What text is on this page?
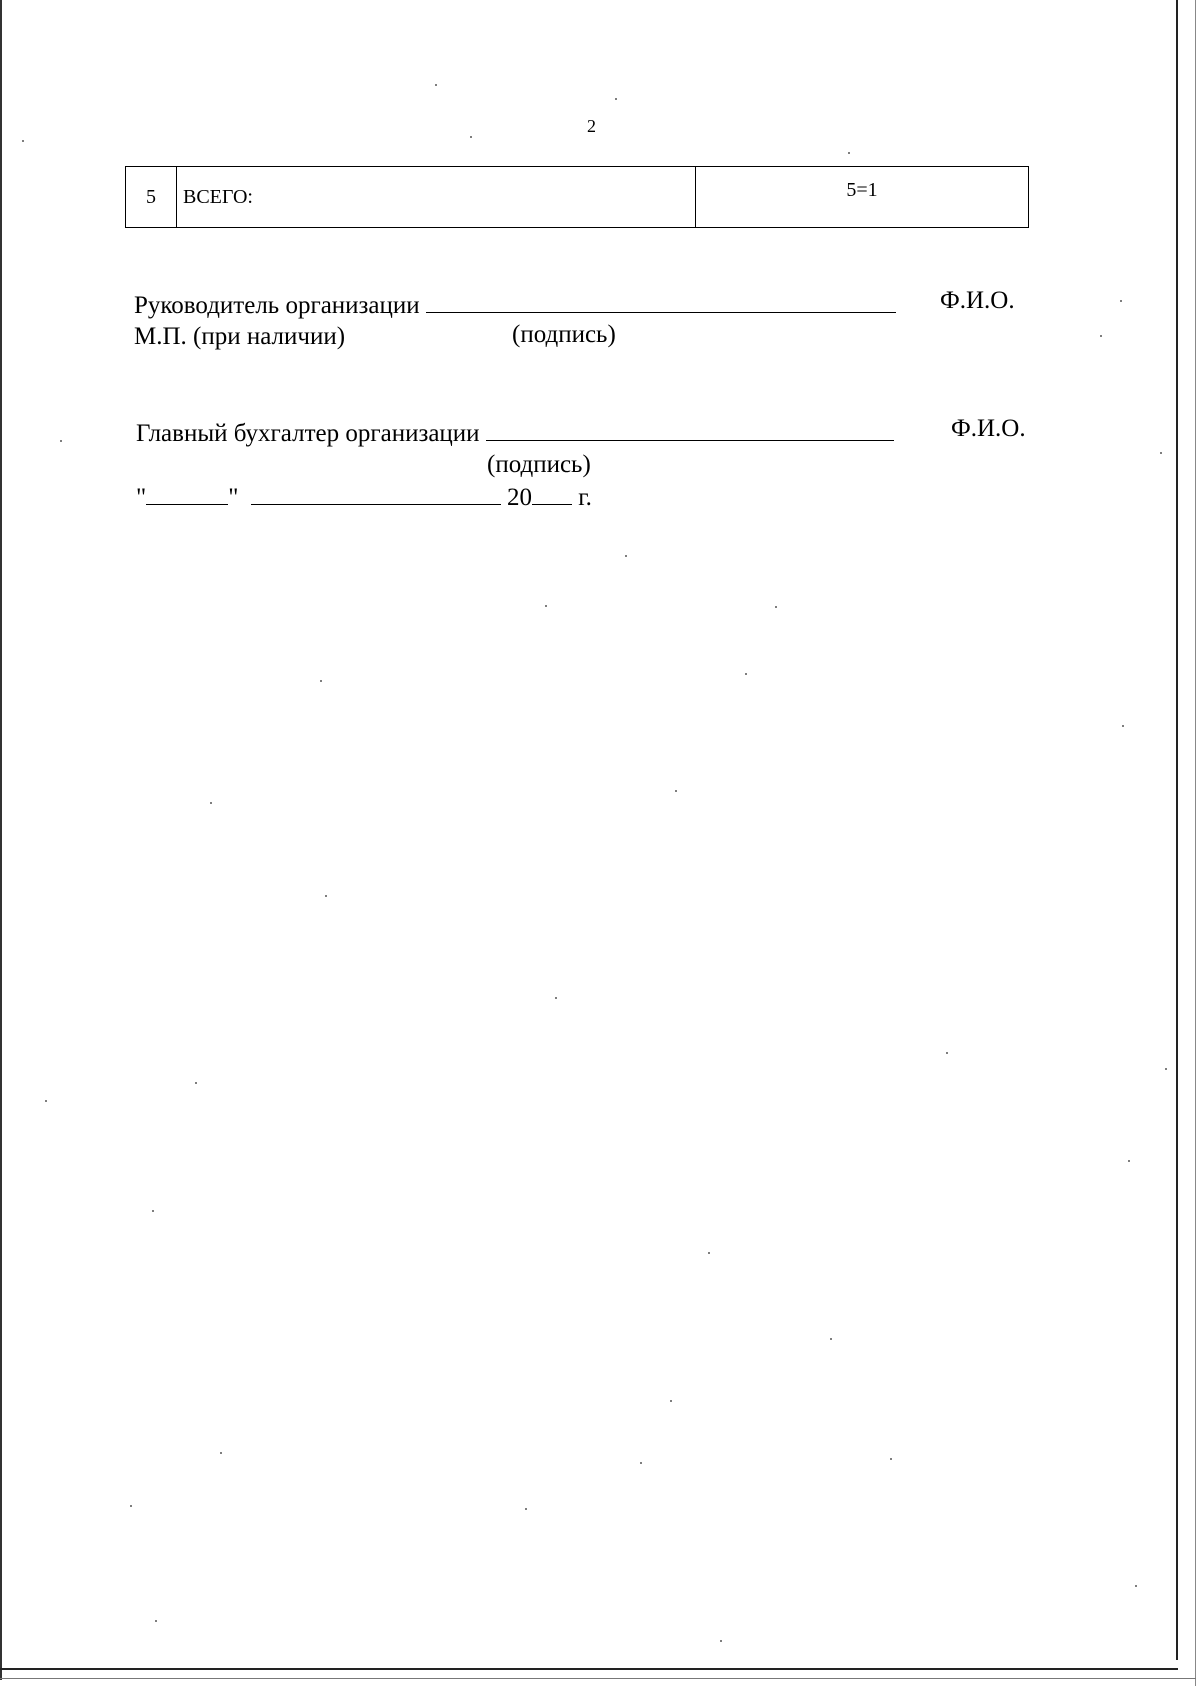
2
5	ВСЕГО:	5=1
Руководитель организации	Ф.И.О.
М.П. (при наличии)	(подпись)
Главный бухгалтер организации	Ф.И.О.
(подпись)
"	"	20 г.
